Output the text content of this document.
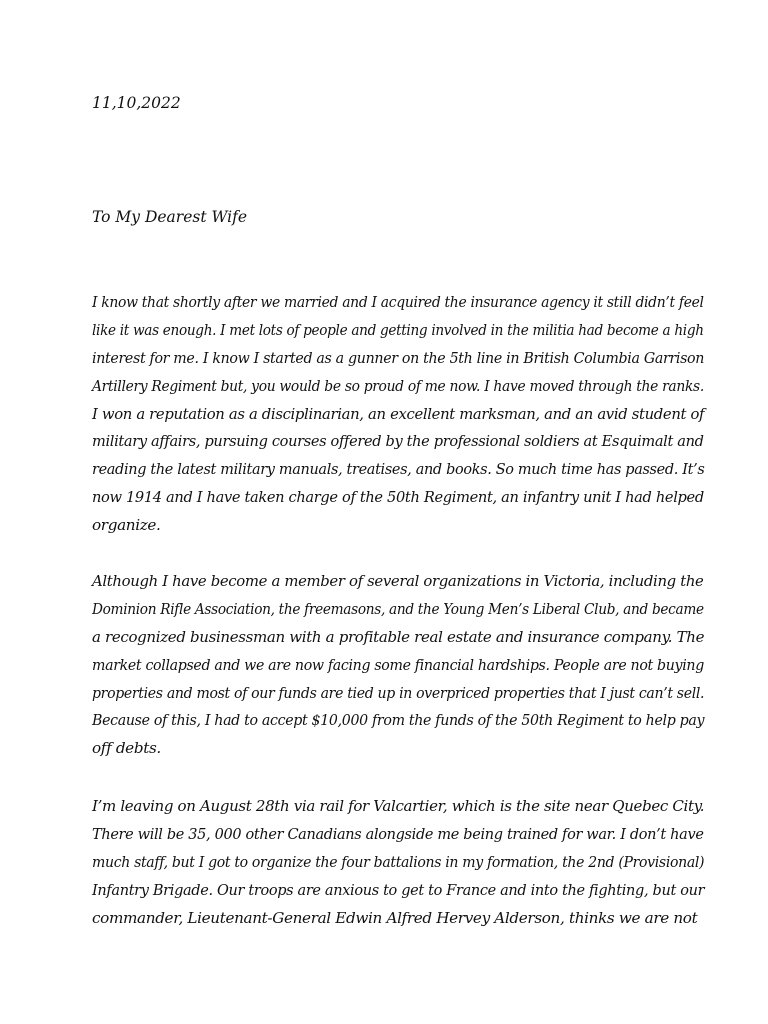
11,10,2022
To My Dearest Wife
I know that shortly after we married and I acquired the insurance agency it still didn’t feel
like it was enough. I met lots of people and getting involved in the militia had become a high
interest for me. I know I started as a gunner on the 5th line in British Columbia Garrison
Artillery Regiment but, you would be so proud of me now. I have moved through the ranks.
I won a reputation as a disciplinarian, an excellent marksman, and an avid student of
military affairs, pursuing courses offered by the professional soldiers at Esquimalt and
reading the latest military manuals, treatises, and books. So much time has passed. It’s
now 1914 and I have taken charge of the 50th Regiment, an infantry unit I had helped
organize.
Although I have become a member of several organizations in Victoria, including the
Dominion Rifle Association, the freemasons, and the Young Men’s Liberal Club, and became
a recognized businessman with a profitable real estate and insurance company. The
market collapsed and we are now facing some financial hardships. People are not buying
properties and most of our funds are tied up in overpriced properties that I just can’t sell.
Because of this, I had to accept $10,000 from the funds of the 50th Regiment to help pay
off debts.
I’m leaving on August 28th via rail for Valcartier, which is the site near Quebec City.
There will be 35, 000 other Canadians alongside me being trained for war. I don’t have
much staff, but I got to organize the four battalions in my formation, the 2nd (Provisional)
Infantry Brigade. Our troops are anxious to get to France and into the fighting, but our
commander, Lieutenant-General Edwin Alfred Hervey Alderson, thinks we are not
